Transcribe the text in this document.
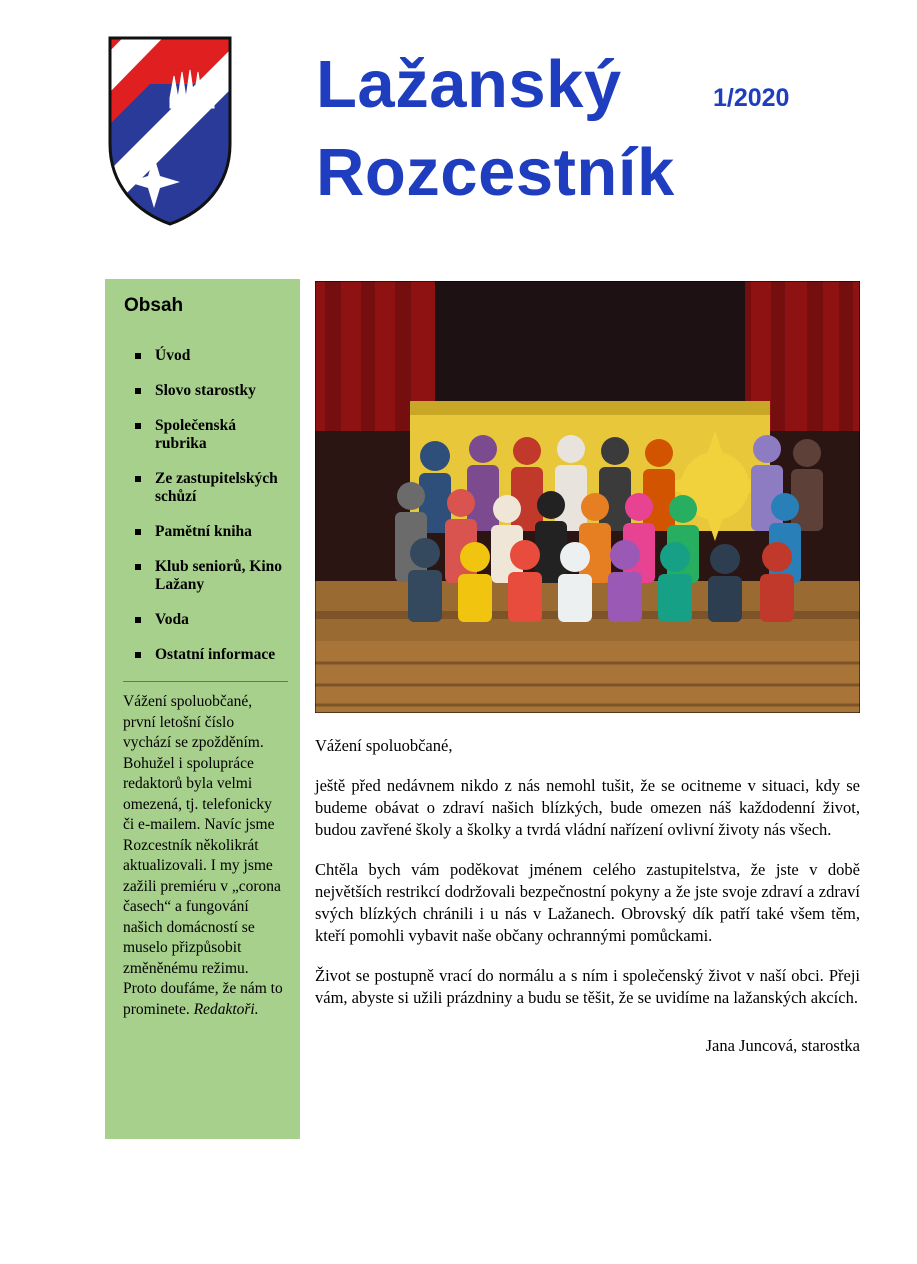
Lažanský	1/2020
Rozcestník
Obsah
Úvod
Slovo starostky
Společenská rubrika
Ze zastupitelských schůzí
Pamětní kniha
Klub seniorů, Kino Lažany
Voda
Ostatní informace
Vážení spoluobčané, první letošní číslo vychází se zpožděním. Bohužel i spolupráce redaktorů byla velmi omezená, tj. telefonicky či e-mailem. Navíc jsme Rozcestník několikrát aktualizovali. I my jsme zažili premiéru v „corona časech“ a fungování našich domácností se muselo přizpůsobit změněnému režimu. Proto doufáme, že nám to prominete. Redaktoři.

Vážení spoluobčané,

ještě před nedávnem nikdo z nás nemohl tušit, že se ocitneme v situaci, kdy se budeme obávat o zdraví našich blízkých, bude omezen náš každodenní život, budou zavřené školy a školky a tvrdá vládní nařízení ovlivní životy nás všech.

Chtěla bych vám poděkovat jménem celého zastupitelstva, že jste v době největších restrikcí dodržovali bezpečnostní pokyny a že jste svoje zdraví a zdraví svých blízkých chránili i u nás v Lažanech. Obrovský dík patří také všem těm, kteří pomohli vybavit naše občany ochrannými pomůckami.

Život se postupně vrací do normálu a s ním i společenský život v naší obci. Přeji vám, abyste si užili prázdniny a budu se těšit, že se uvidíme na lažanských akcích.

Jana Juncová, starostka
